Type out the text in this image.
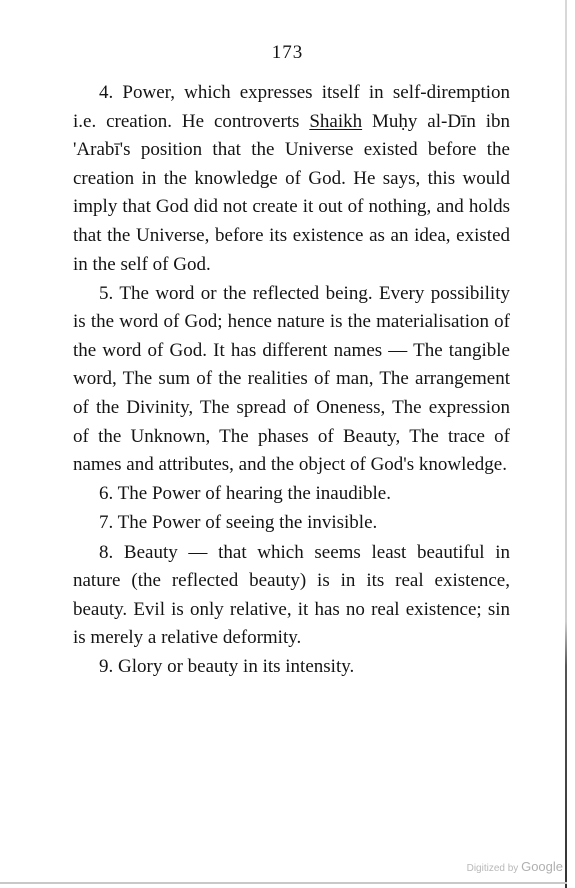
173

4. Power, which expresses itself in self-diremption i.e. creation. He controverts Shaikh Muḥy al-Dīn ibn 'Arabī's position that the Universe existed before the creation in the knowledge of God. He says, this would imply that God did not create it out of nothing, and holds that the Universe, before its existence as an idea, existed in the self of God.

5. The word or the reflected being. Every possibility is the word of God; hence nature is the materialisation of the word of God. It has different names — The tangible word, The sum of the realities of man, The arrangement of the Divinity, The spread of Oneness, The expression of the Unknown, The phases of Beauty, The trace of names and attributes, and the object of God's knowledge.

6. The Power of hearing the inaudible.

7. The Power of seeing the invisible.

8. Beauty — that which seems least beautiful in nature (the reflected beauty) is in its real existence, beauty. Evil is only relative, it has no real existence; sin is merely a relative deformity.

9. Glory or beauty in its intensity.

Digitized by Google
